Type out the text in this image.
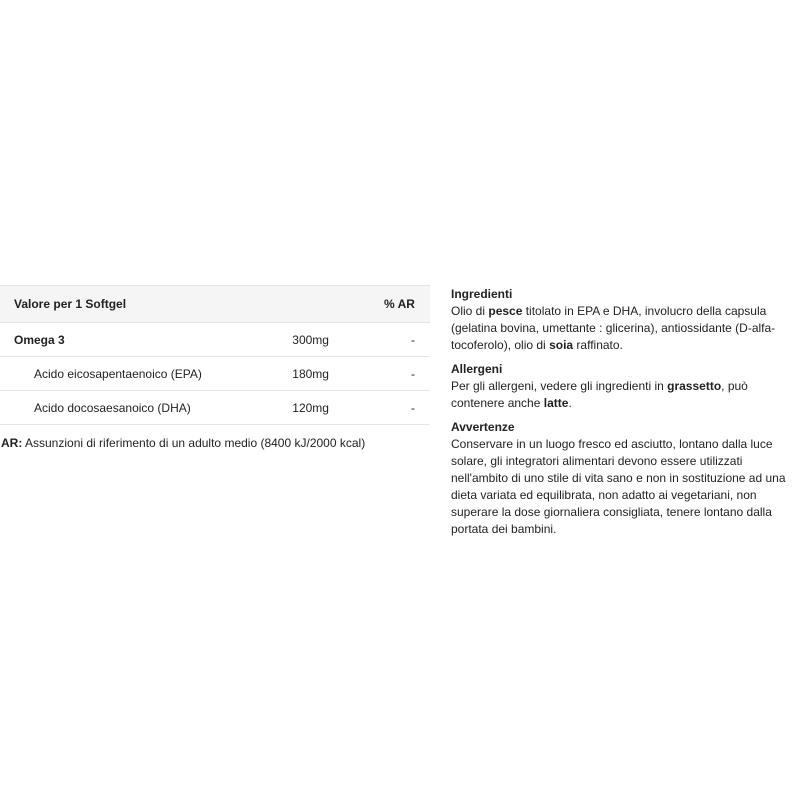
Valore per 1 Softgel		% AR
Omega 3	300mg	-
Acido eicosapentaenoico (EPA)	180mg	-
Acido docosaesanoico (DHA)	120mg	-
AR: Assunzioni di riferimento di un adulto medio (8400 kJ/2000 kcal)
Ingredienti

Olio di pesce titolato in EPA e DHA, involucro della capsula (gelatina bovina, umettante : glicerina), antiossidante (D-alfa-tocoferolo), olio di soia raffinato.

Allergeni

Per gli allergeni, vedere gli ingredienti in grassetto, può contenere anche latte.

Avvertenze

Conservare in un luogo fresco ed asciutto, lontano dalla luce solare, gli integratori alimentari devono essere utilizzati nell'ambito di uno stile di vita sano e non in sostituzione ad una dieta variata ed equilibrata, non adatto ai vegetariani, non superare la dose giornaliera consigliata, tenere lontano dalla portata dei bambini.
